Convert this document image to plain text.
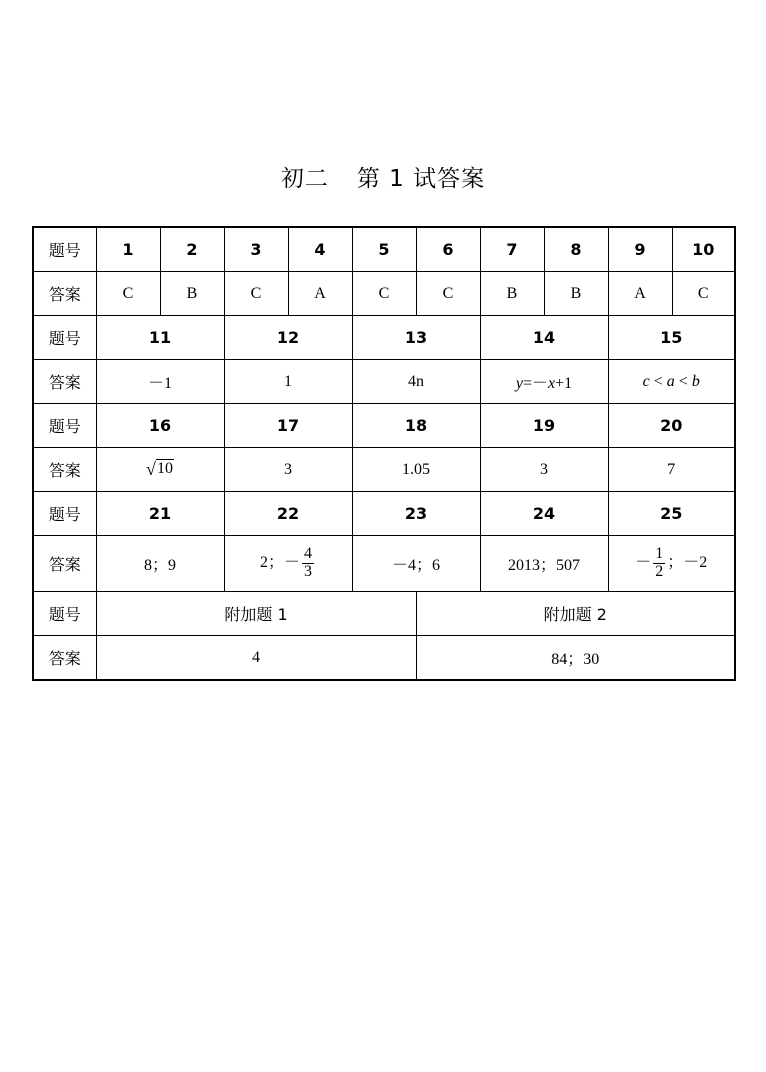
初二 第 1 试答案
题号	1	2	3	4	5	6	7	8	9	10
答案	C	B	C	A	C	C	B	B	A	C
题号	11		12		13		14		15	
答案	－1		1		4n		y=－x+1		c < a < b	
题号	16		17		18		19		20	
答案	√ 10		3		1.05		3		7	
题号	21		22		23		24		25	
答案	8；9		2；－ $\frac{4}{3}$		－4；6		2013；507		－ $\frac{1}{2}$ ；－2	
题号	附加题 1					附加题 2				
答案	4					84；30				
